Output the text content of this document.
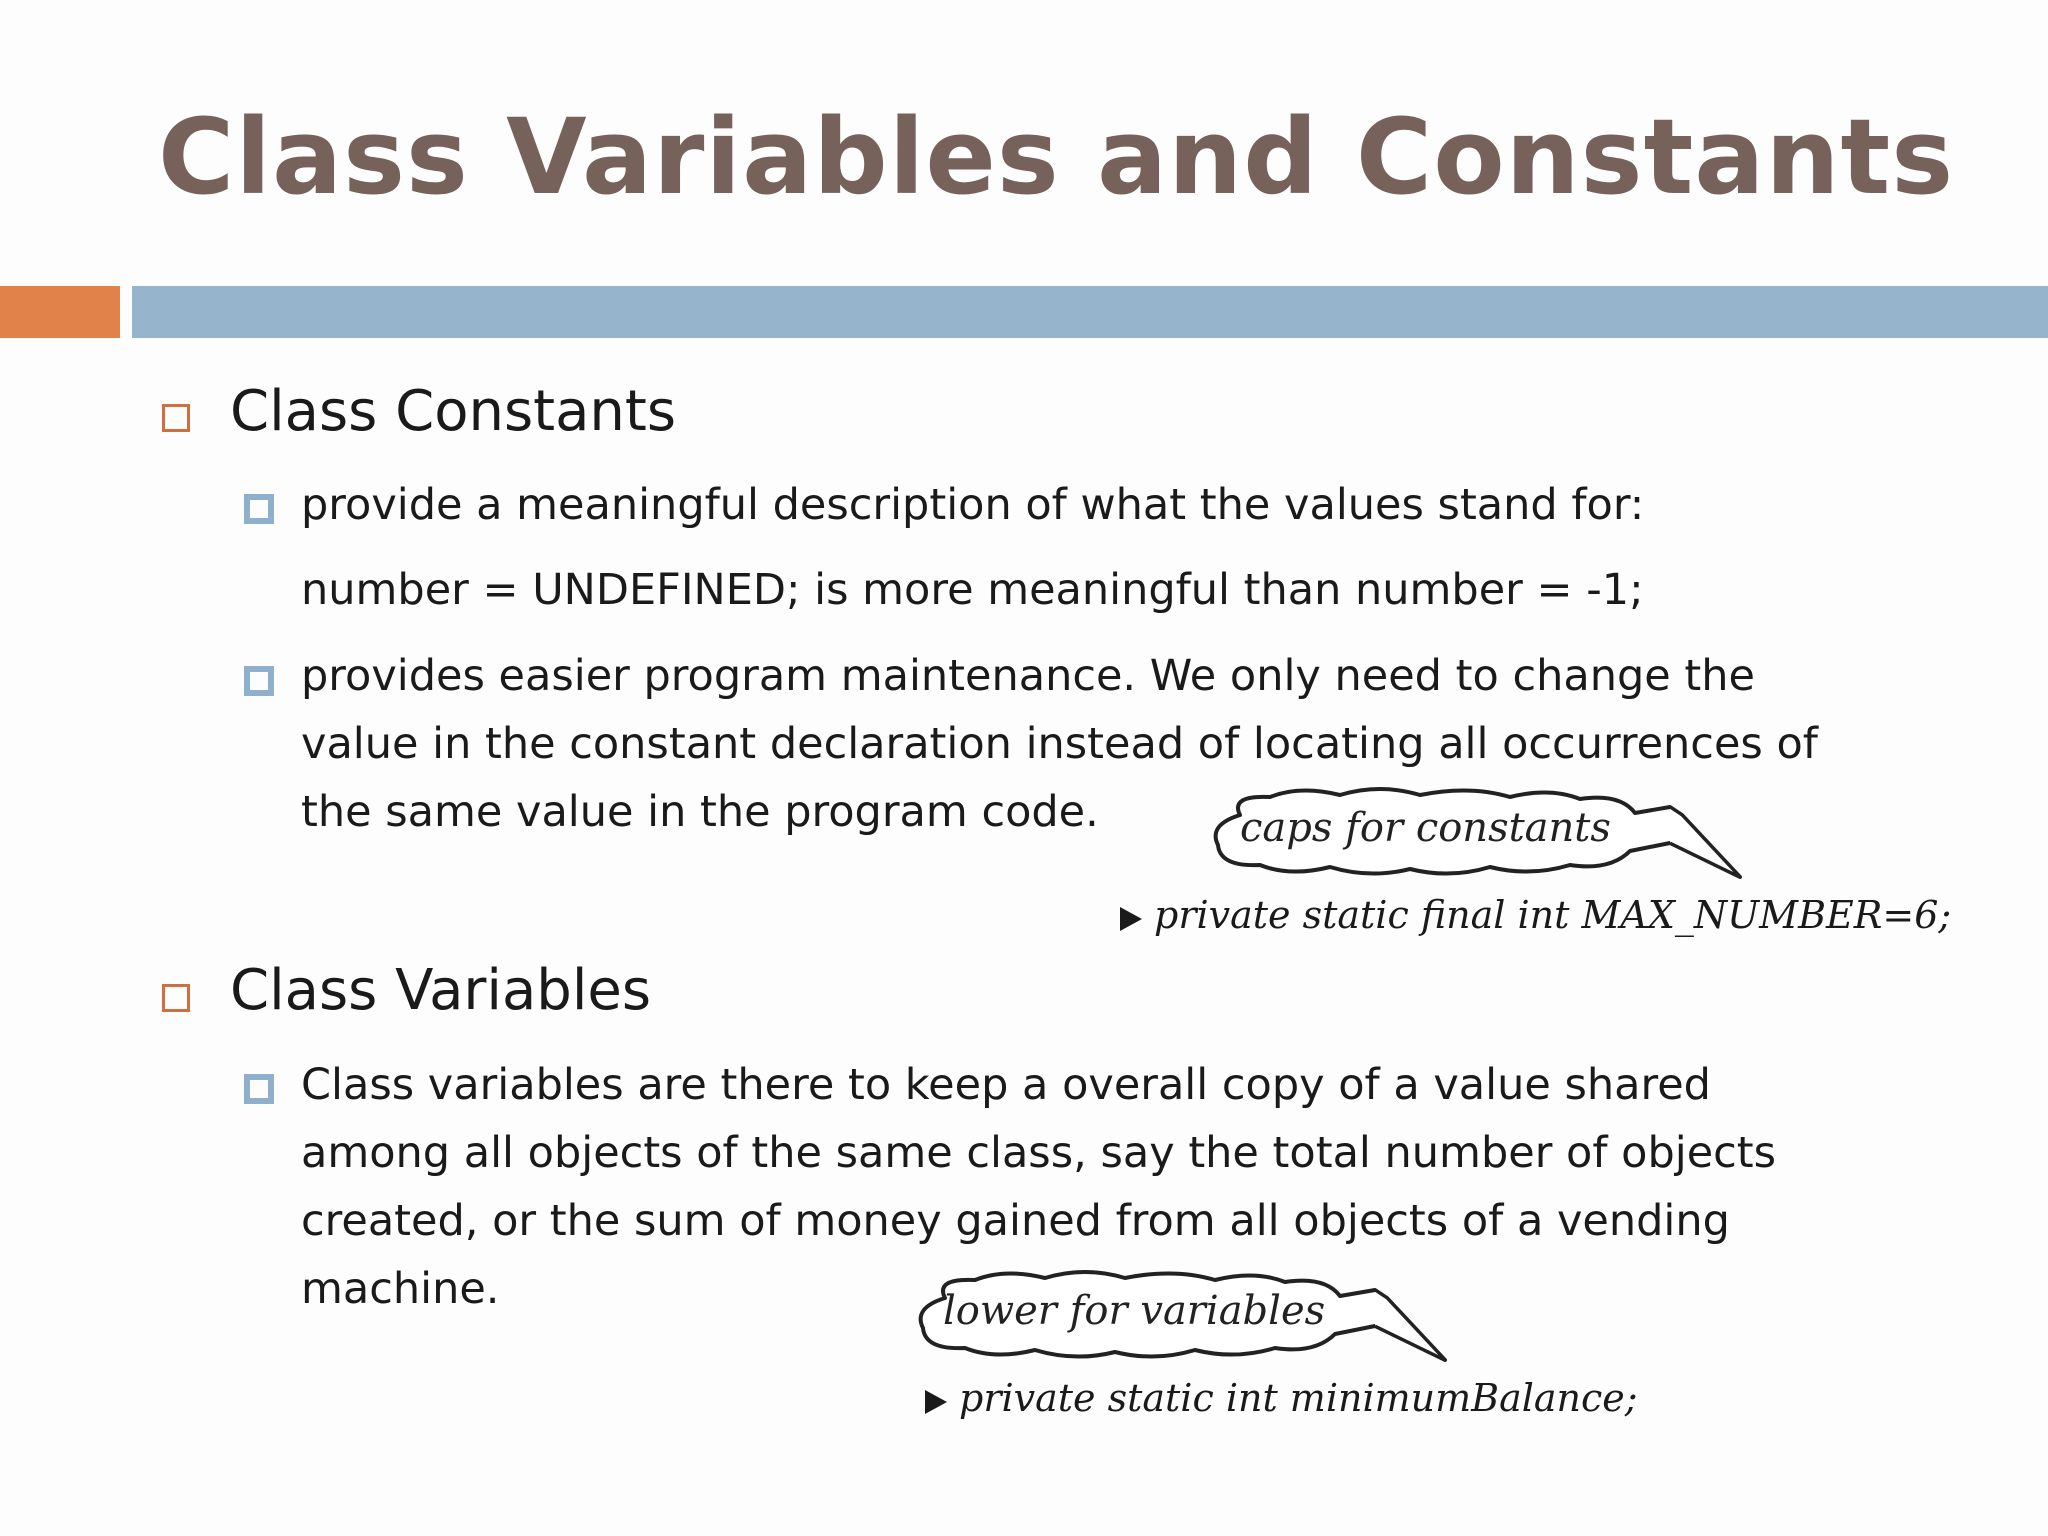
Class Variables and Constants
Class Constants
provide a meaningful description of what the values stand for:
number = UNDEFINED; is more meaningful than number = -1;
provides easier program maintenance. We only need to change the
value in the constant declaration instead of locating all occurrences of
the same value in the program code.	caps for constants
private static final int MAX_NUMBER=6;
Class Variables
Class variables are there to keep a overall copy of a value shared
among all objects of the same class, say the total number of objects
created, or the sum of money gained from all objects of a vending
machine.	lower for variables
private static int minimumBalance;
